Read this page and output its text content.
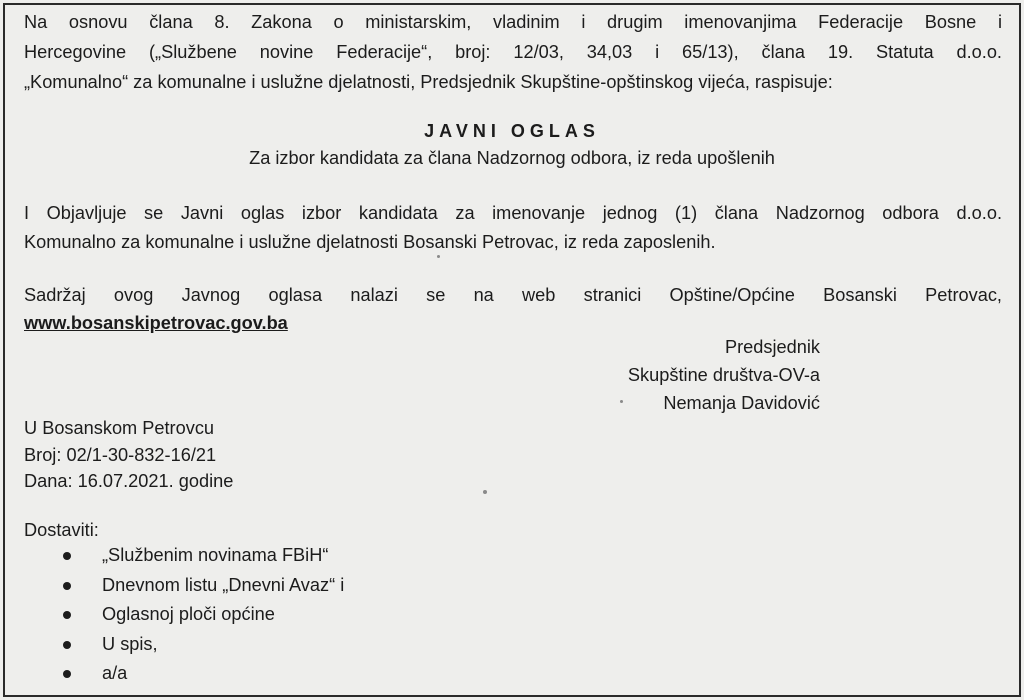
Na osnovu člana 8. Zakona o ministarskim, vladinim i drugim imenovanjima Federacije Bosne i
Hercegovine („Službene novine Federacije“, broj: 12/03, 34,03 i 65/13), člana 19. Statuta d.o.o.
„Komunalno“ za komunalne i uslužne djelatnosti, Predsjednik Skupštine-opštinskog vijeća, raspisuje:
JAVNI OGLAS
Za izbor kandidata za člana Nadzornog odbora, iz reda upošlenih
I Objavljuje se Javni oglas izbor kandidata za imenovanje jednog (1) člana Nadzornog odbora d.o.o.
Komunalno za komunalne i uslužne djelatnosti Bosanski Petrovac, iz reda zaposlenih.
Sadržaj ovog Javnog oglasa nalazi se na web stranici Opštine/Općine Bosanski Petrovac,
www.bosanskipetrovac.gov.ba
Predsjednik
Skupštine društva-OV-a
Nemanja Davidović
U Bosanskom Petrovcu
Broj: 02/1-30-832-16/21
Dana: 16.07.2021. godine
Dostaviti:
„Službenim novinama FBiH“
Dnevnom listu „Dnevni Avaz“ i
Oglasnoj ploči općine
U spis,
a/a
